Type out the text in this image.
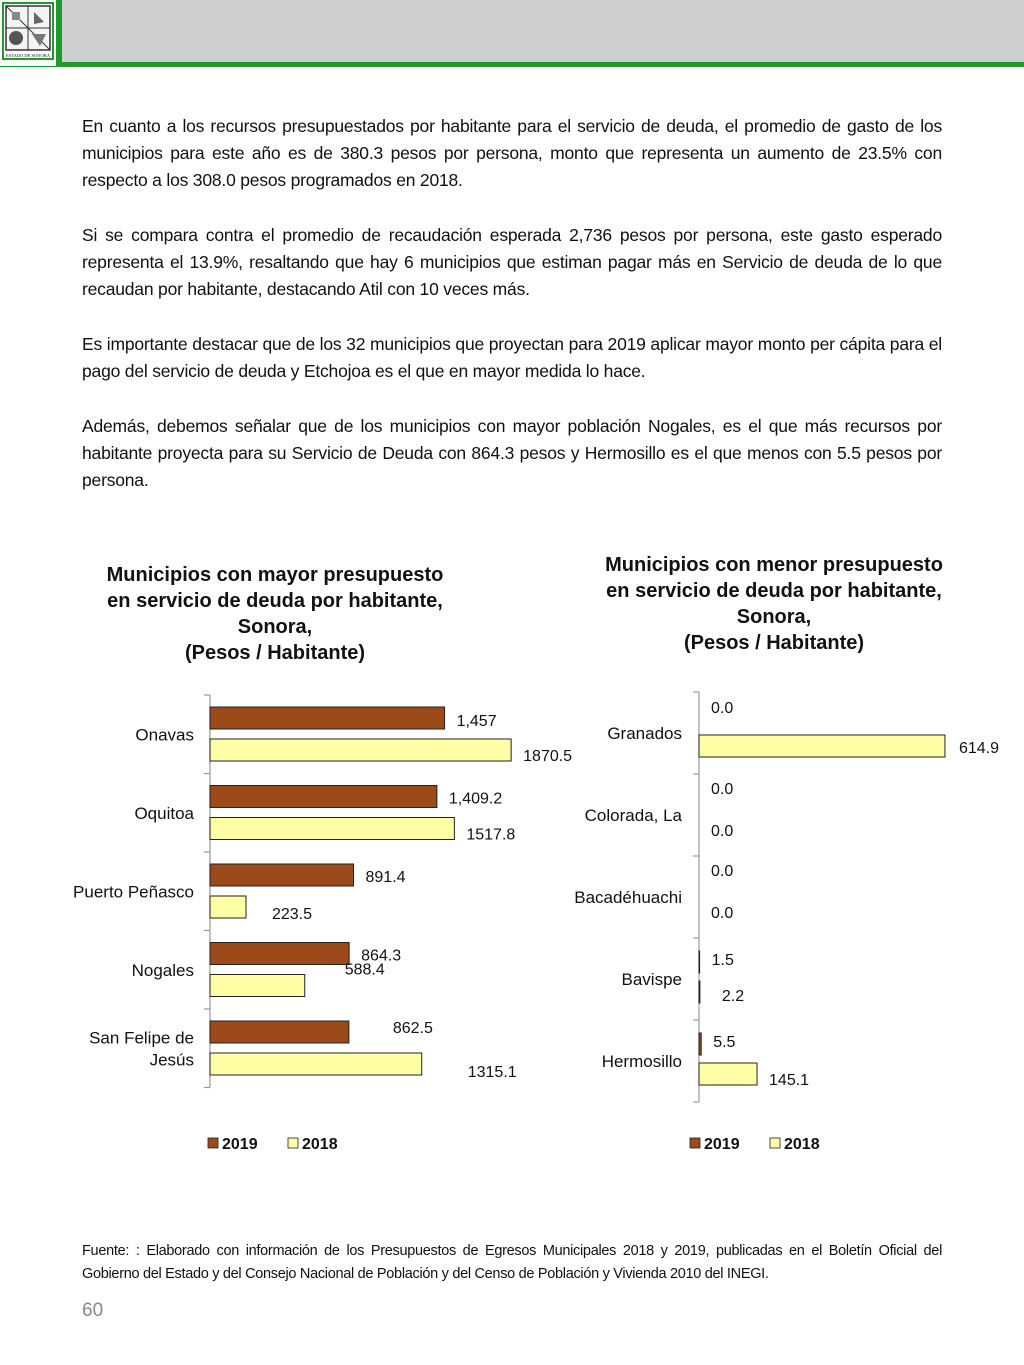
ESTADO DE SONORA

En cuanto a los recursos presupuestados por habitante para el servicio de deuda, el promedio de gasto de los municipios para este año es de 380.3 pesos por persona, monto que representa un aumento de 23.5% con respecto a los 308.0 pesos programados en 2018.

Si se compara contra el promedio de recaudación esperada 2,736 pesos por persona, este gasto esperado representa el 13.9%, resaltando que hay 6 municipios que estiman pagar más en Servicio de deuda de lo que recaudan por habitante, destacando Atil con 10 veces más.

Es importante destacar que de los 32 municipios que proyectan para 2019 aplicar mayor monto per cápita para el pago del servicio de deuda y Etchojoa es el que en mayor medida lo hace.

Además, debemos señalar que de los municipios con mayor población Nogales, es el que más recursos por habitante proyecta para su Servicio de Deuda con 864.3 pesos y Hermosillo es el que menos con 5.5 pesos por persona.

Municipios con mayor presupuesto
en servicio de deuda por habitante,
Sonora,
(Pesos / Habitante)
Municipios con menor presupuesto
en servicio de deuda por habitante,
Sonora,
(Pesos / Habitante)
Onavas
1,457
1870.5
Oquitoa
1,409.2
1517.8
Puerto Peñasco
891.4
223.5
Nogales
864.3
588.4
San Felipe de
Jesús
862.5
1315.1
2019	2018
Granados
0.0
614.9
Colorada, La
0.0
0.0
Bacadéhuachi
0.0
0.0
Bavispe
1.5
2.2
Hermosillo
5.5
145.1
2019	2018
Fuente: : Elaborado con información de los Presupuestos de Egresos Municipales 2018 y 2019, publicadas en el Boletín Oficial del Gobierno del Estado y del Consejo Nacional de Población y del Censo de Población y Vivienda 2010 del INEGI.
60
